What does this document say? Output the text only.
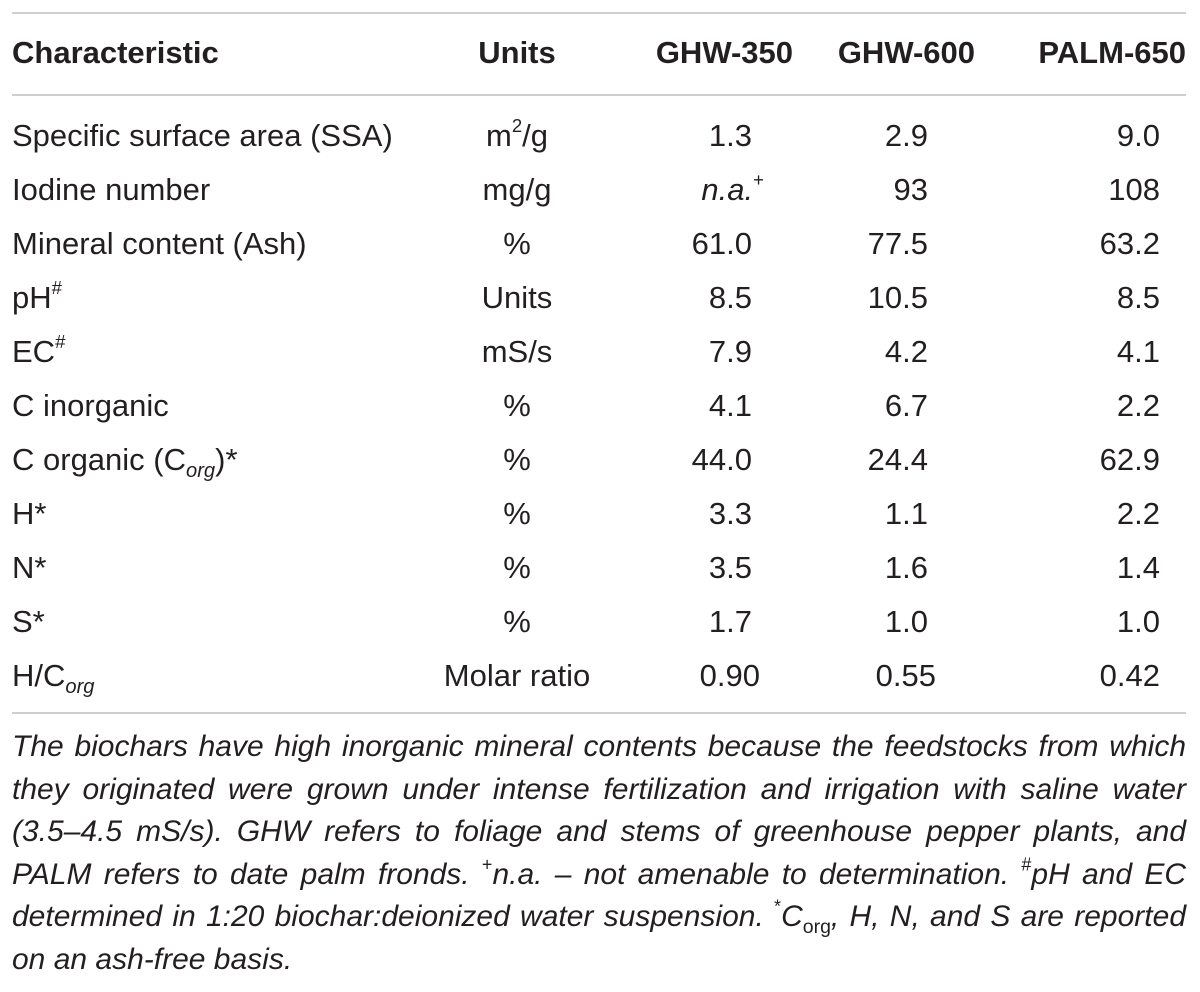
Characteristic	Units	GHW-350	GHW-600	PALM-650
Specific surface area (SSA)	$m^2/g$	1.3	2.9	9.0
Iodine number	mg/g	n.a.+	93	108
Mineral content (Ash)	%	61.0	77.5	63.2
pH#	Units	8.5	10.5	8.5
EC#	mS/s	7.9	4.2	4.1
C inorganic	%	4.1	6.7	2.2
C organic $(C_{org})*$	%	44.0	24.4	62.9
H*	%	3.3	1.1	2.2
N*	%	3.5	1.6	1.4
S*	%	1.7	1.0	1.0
$H/C_{org}$	Molar ratio	0.90	0.55	0.42
The biochars have high inorganic mineral contents because the feedstocks from which they originated were grown under intense fertilization and irrigation with saline water (3.5–4.5 mS/s). GHW refers to foliage and stems of greenhouse pepper plants, and PALM refers to date palm fronds. +n.a. – not amenable to determination. #pH and EC determined in 1:20 biochar:deionized water suspension. $^*C_{org}$, H, N, and S are reported on an ash-free basis.
